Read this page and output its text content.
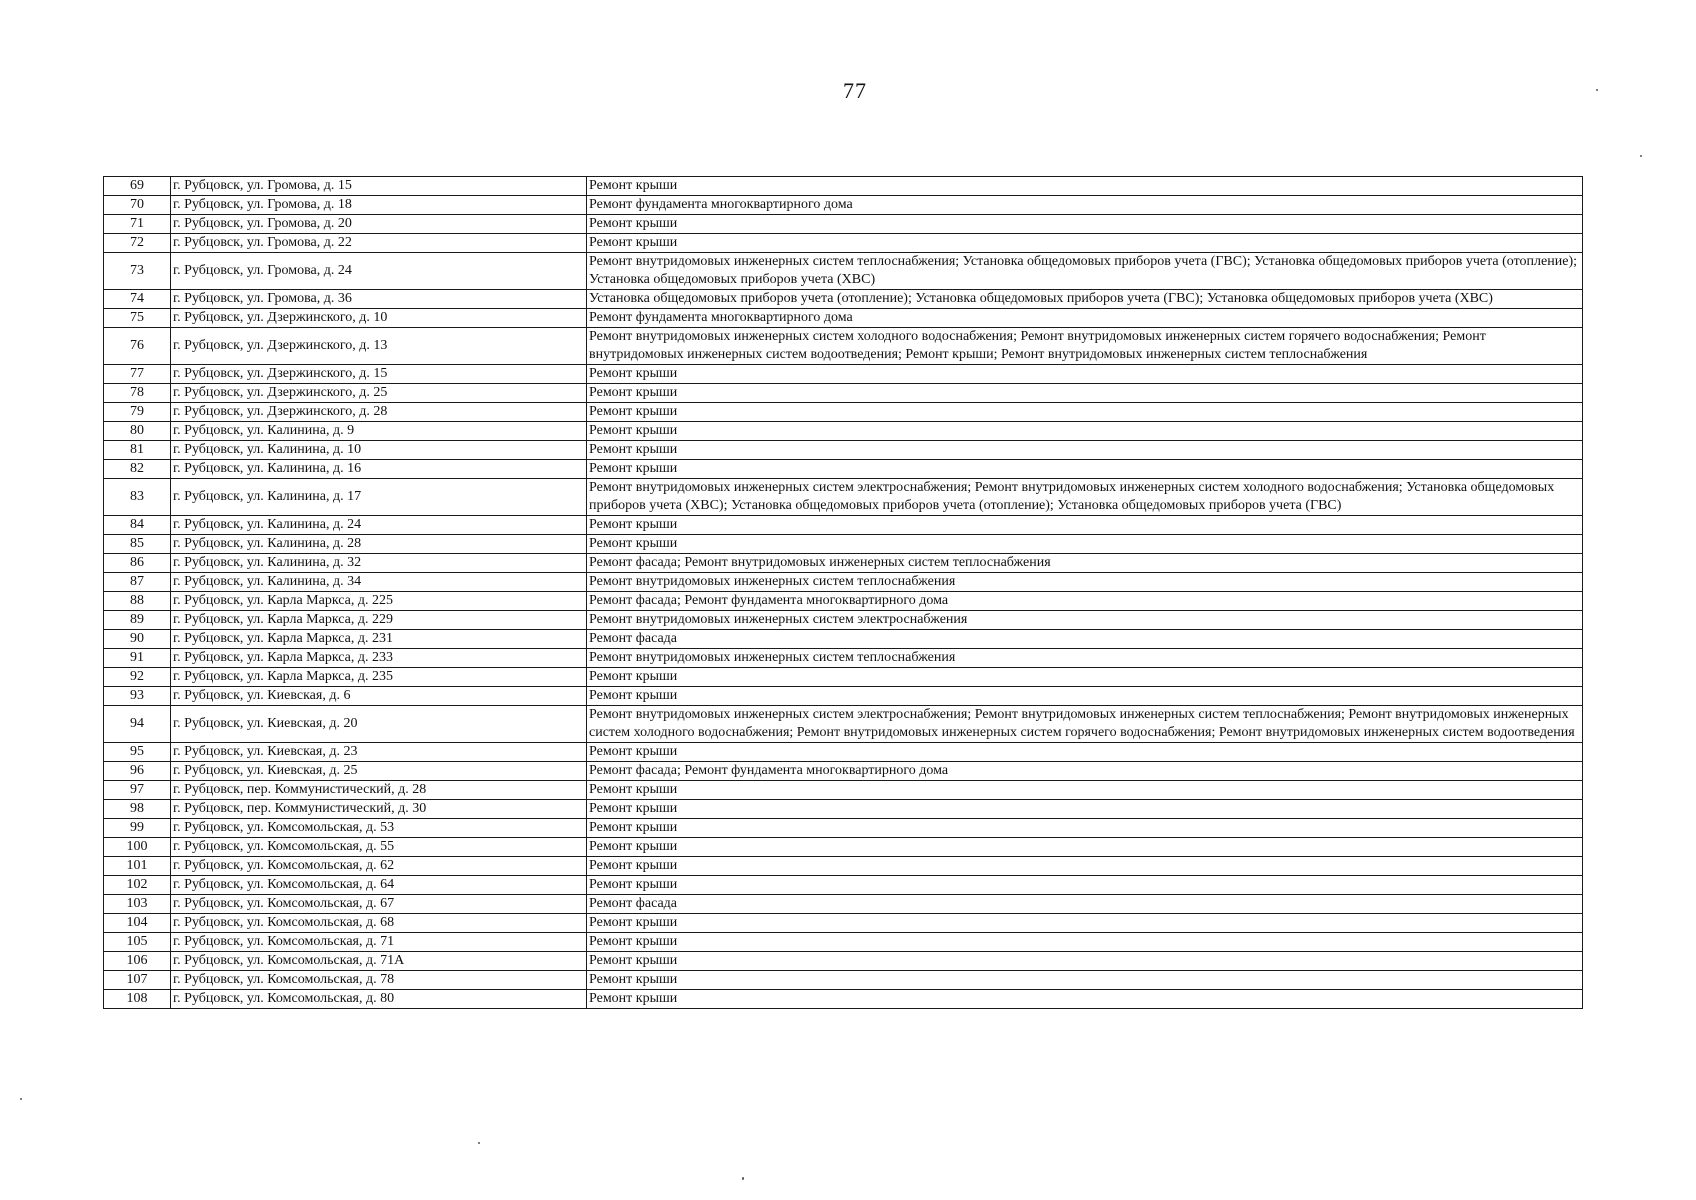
77
69	г. Рубцовск, ул. Громова, д. 15	Ремонт крыши
70	г. Рубцовск, ул. Громова, д. 18	Ремонт фундамента многоквартирного дома
71	г. Рубцовск, ул. Громова, д. 20	Ремонт крыши
72	г. Рубцовск, ул. Громова, д. 22	Ремонт крыши
73	г. Рубцовск, ул. Громова, д. 24	Ремонт внутридомовых инженерных систем теплоснабжения; Установка общедомовых приборов учета (ГВС); Установка общедомовых приборов учета (отопление); Установка общедомовых приборов учета (ХВС)
74	г. Рубцовск, ул. Громова, д. 36	Установка общедомовых приборов учета (отопление); Установка общедомовых приборов учета (ГВС); Установка общедомовых приборов учета (ХВС)
75	г. Рубцовск, ул. Дзержинского, д. 10	Ремонт фундамента многоквартирного дома
76	г. Рубцовск, ул. Дзержинского, д. 13	Ремонт внутридомовых инженерных систем холодного водоснабжения; Ремонт внутридомовых инженерных систем горячего водоснабжения; Ремонт внутридомовых инженерных систем водоотведения; Ремонт крыши; Ремонт внутридомовых инженерных систем теплоснабжения
77	г. Рубцовск, ул. Дзержинского, д. 15	Ремонт крыши
78	г. Рубцовск, ул. Дзержинского, д. 25	Ремонт крыши
79	г. Рубцовск, ул. Дзержинского, д. 28	Ремонт крыши
80	г. Рубцовск, ул. Калинина, д. 9	Ремонт крыши
81	г. Рубцовск, ул. Калинина, д. 10	Ремонт крыши
82	г. Рубцовск, ул. Калинина, д. 16	Ремонт крыши
83	г. Рубцовск, ул. Калинина, д. 17	Ремонт внутридомовых инженерных систем электроснабжения; Ремонт внутридомовых инженерных систем холодного водоснабжения; Установка общедомовых приборов учета (ХВС); Установка общедомовых приборов учета (отопление); Установка общедомовых приборов учета (ГВС)
84	г. Рубцовск, ул. Калинина, д. 24	Ремонт крыши
85	г. Рубцовск, ул. Калинина, д. 28	Ремонт крыши
86	г. Рубцовск, ул. Калинина, д. 32	Ремонт фасада; Ремонт внутридомовых инженерных систем теплоснабжения
87	г. Рубцовск, ул. Калинина, д. 34	Ремонт внутридомовых инженерных систем теплоснабжения
88	г. Рубцовск, ул. Карла Маркса, д. 225	Ремонт фасада; Ремонт фундамента многоквартирного дома
89	г. Рубцовск, ул. Карла Маркса, д. 229	Ремонт внутридомовых инженерных систем электроснабжения
90	г. Рубцовск, ул. Карла Маркса, д. 231	Ремонт фасада
91	г. Рубцовск, ул. Карла Маркса, д. 233	Ремонт внутридомовых инженерных систем теплоснабжения
92	г. Рубцовск, ул. Карла Маркса, д. 235	Ремонт крыши
93	г. Рубцовск, ул. Киевская, д. 6	Ремонт крыши
94	г. Рубцовск, ул. Киевская, д. 20	Ремонт внутридомовых инженерных систем электроснабжения; Ремонт внутридомовых инженерных систем теплоснабжения; Ремонт внутридомовых инженерных систем холодного водоснабжения; Ремонт внутридомовых инженерных систем горячего водоснабжения; Ремонт внутридомовых инженерных систем водоотведения
95	г. Рубцовск, ул. Киевская, д. 23	Ремонт крыши
96	г. Рубцовск, ул. Киевская, д. 25	Ремонт фасада; Ремонт фундамента многоквартирного дома
97	г. Рубцовск, пер. Коммунистический, д. 28	Ремонт крыши
98	г. Рубцовск, пер. Коммунистический, д. 30	Ремонт крыши
99	г. Рубцовск, ул. Комсомольская, д. 53	Ремонт крыши
100	г. Рубцовск, ул. Комсомольская, д. 55	Ремонт крыши
101	г. Рубцовск, ул. Комсомольская, д. 62	Ремонт крыши
102	г. Рубцовск, ул. Комсомольская, д. 64	Ремонт крыши
103	г. Рубцовск, ул. Комсомольская, д. 67	Ремонт фасада
104	г. Рубцовск, ул. Комсомольская, д. 68	Ремонт крыши
105	г. Рубцовск, ул. Комсомольская, д. 71	Ремонт крыши
106	г. Рубцовск, ул. Комсомольская, д. 71А	Ремонт крыши
107	г. Рубцовск, ул. Комсомольская, д. 78	Ремонт крыши
108	г. Рубцовск, ул. Комсомольская, д. 80	Ремонт крыши
